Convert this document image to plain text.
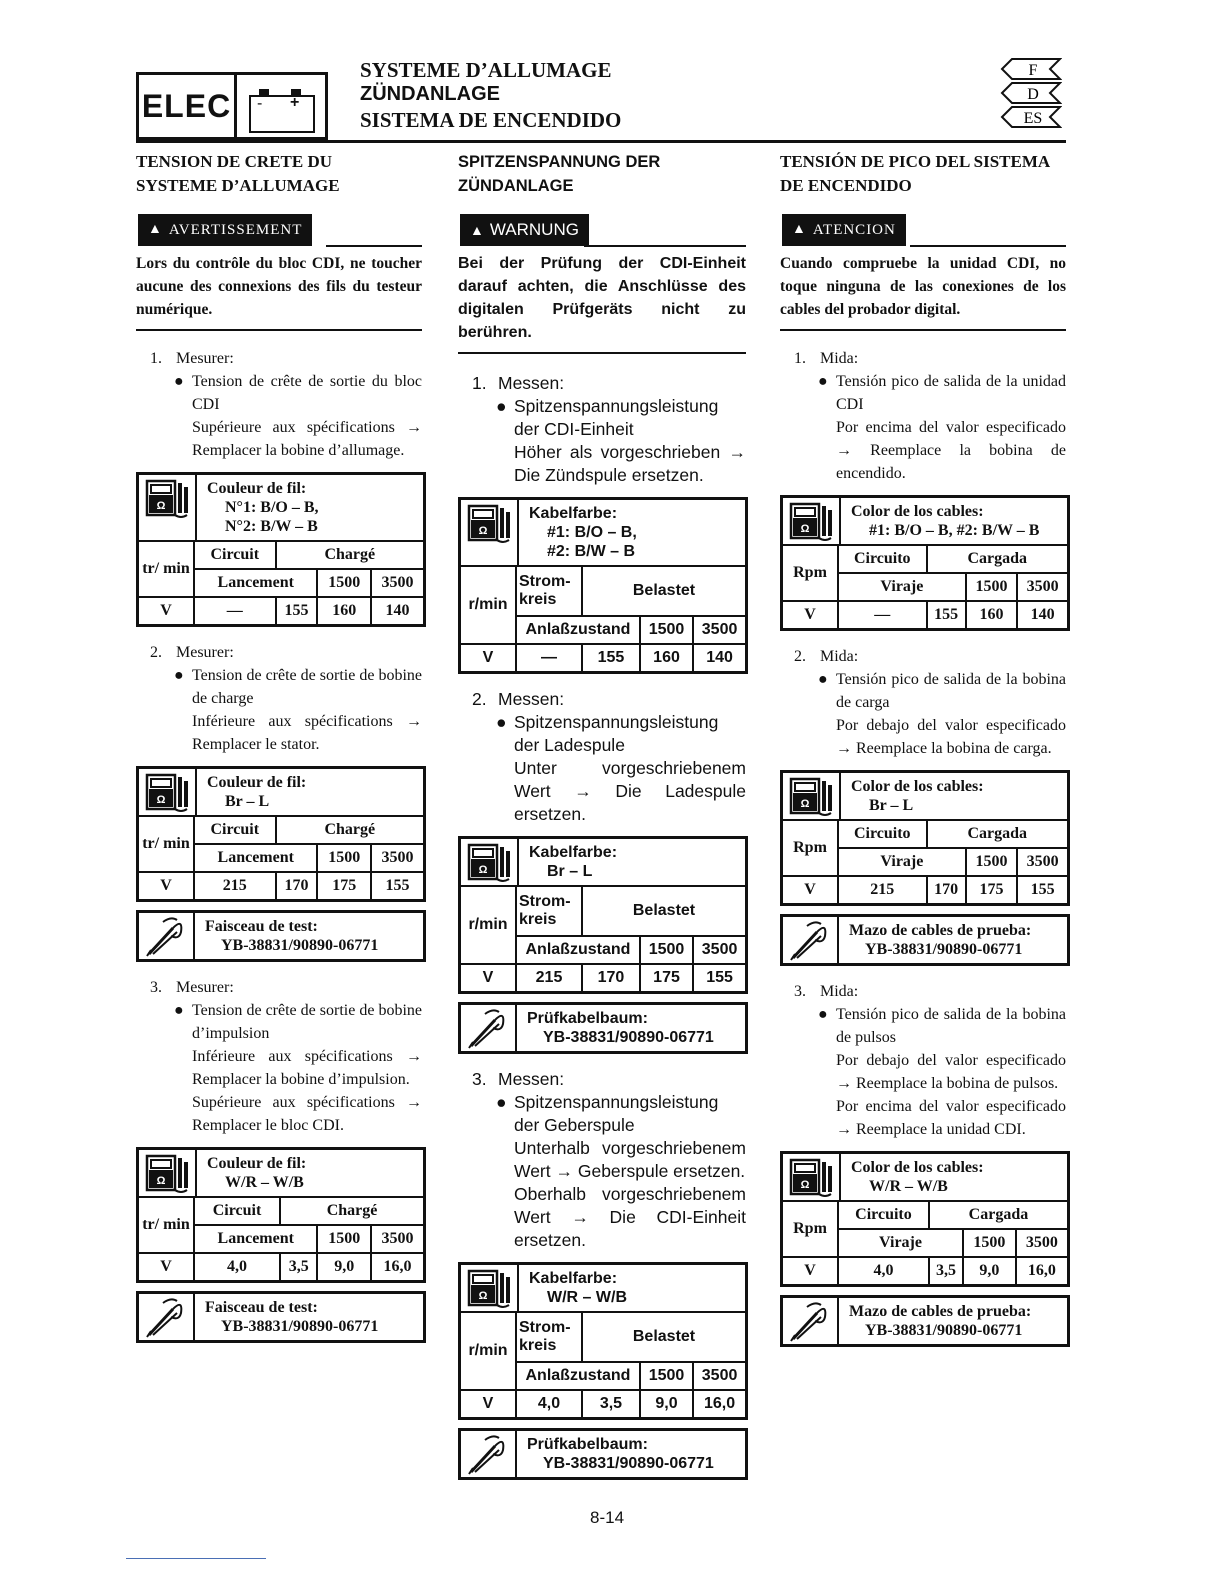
ELEC	- +
SYSTEME D’ALLUMAGE
ZÜNDANLAGE
SISTEMA DE ENCENDIDO
F
D
ES
TENSION DE CRETE DU
SYSTEME D’ALLUMAGE
▲ AVERTISSEMENT
Lors du contrôle du bloc CDI, ne toucher aucune des connexions des fils du testeur numérique.
1. Mesurer:
● Tension de crête de sortie du bloc CDI
Supérieure aux spécifications → Remplacer la bobine d’allumage.
Ω
Couleur de fil:
N°1: B/O – B,
N°2: B/W – B
tr/ min	Circuit	Chargé		
	Lancement		1500	3500
V	—	155	160	140
2. Mesurer:
● Tension de crête de sortie de bobine de charge
Inférieure aux spécifications → Remplacer le stator.
Ω
Couleur de fil:
Br – L
tr/ min	Circuit	Chargé		
	Lancement		1500	3500
V	215	170	175	155
Faisceau de test:
YB-38831/90890-06771
3. Mesurer:
● Tension de crête de sortie de bobine d’impulsion
Inférieure aux spécifications → Remplacer la bobine d’impulsion.
Supérieure aux spécifications → Remplacer le bloc CDI.
Ω
Couleur de fil:
W/R – W/B
tr/ min	Circuit	Chargé		
	Lancement		1500	3500
V	4,0	3,5	9,0	16,0
Faisceau de test:
YB-38831/90890-06771
SPITZENSPANNUNG DER
ZÜNDANLAGE
▲ WARNUNG
Bei der Prüfung der CDI-Einheit darauf achten, die Anschlüsse des digitalen Prüfgeräts nicht zu berühren.
1. Messen:
● Spitzenspannungsleistung der CDI-Einheit
Höher als vorgeschrieben → Die Zündspule ersetzen.
Ω
Kabelfarbe:
#1: B/O – B,
#2: B/W – B
r/min	Strom- kreis	Belastet		
	Anlaßzustand		1500	3500
V	—	155	160	140
2. Messen:
● Spitzenspannungsleistung der Ladespule
Unter vorgeschriebenem Wert → Die Ladespule ersetzen.
Ω
Kabelfarbe:
Br – L
r/min	Strom- kreis	Belastet		
	Anlaßzustand		1500	3500
V	215	170	175	155
Prüfkabelbaum:
YB-38831/90890-06771
3. Messen:
● Spitzenspannungsleistung der Geberspule
Unterhalb vorgeschriebenem Wert → Geberspule ersetzen.
Oberhalb vorgeschriebenem Wert → Die CDI-Einheit ersetzen.
Ω
Kabelfarbe:
W/R – W/B
r/min	Strom- kreis	Belastet		
	Anlaßzustand		1500	3500
V	4,0	3,5	9,0	16,0
Prüfkabelbaum:
YB-38831/90890-06771
TENSIÓN DE PICO DEL SISTEMA
DE ENCENDIDO
▲ ATENCION
Cuando compruebe la unidad CDI, no toque ninguna de las conexiones de los cables del probador digital.
1. Mida:
● Tensión pico de salida de la unidad CDI
Por encima del valor especificado → Reemplace la bobina de encendido.
Ω
Color de los cables:
#1: B/O – B, #2: B/W – B
Rpm	Circuito	Cargada		
	Viraje		1500	3500
V	—	155	160	140
2. Mida:
● Tensión pico de salida de la bobina de carga
Por debajo del valor especificado → Reemplace la bobina de carga.
Ω
Color de los cables:
Br – L
Rpm	Circuito	Cargada		
	Viraje		1500	3500
V	215	170	175	155
Mazo de cables de prueba:
YB-38831/90890-06771
3. Mida:
● Tensión pico de salida de la bobina de pulsos
Por debajo del valor especificado → Reemplace la bobina de pulsos.
Por encima del valor especificado → Reemplace la unidad CDI.
Ω
Color de los cables:
W/R – W/B
Rpm	Circuito	Cargada		
	Viraje		1500	3500
V	4,0	3,5	9,0	16,0
Mazo de cables de prueba:
YB-38831/90890-06771
8-14
